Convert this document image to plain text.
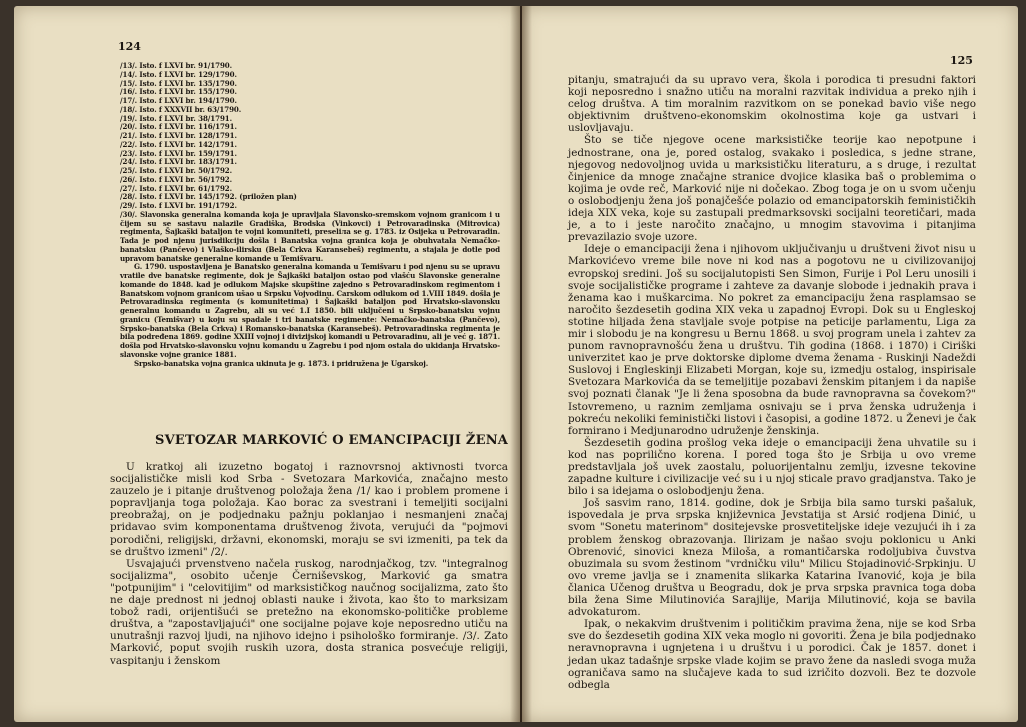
124
125
/13/. Isto. f LXVI br. 91/1790.
/14/. Isto. f LXVI br. 129/1790.
/15/. Isto. f LXVI br. 135/1790.
/16/. Isto. f LXVI br. 155/1790.
/17/. Isto. f LXVI br. 194/1790.
/18/. Isto. f XXXVII br. 63/1790.
/19/. Isto. f LXVI br. 38/1791.
/20/. Isto. f LXVI br. 116/1791.
/21/. Isto. f LXVI br. 128/1791.
/22/. Isto. f LXVI br. 142/1791.
/23/. Isto. f LXVI br. 159/1791.
/24/. Isto. f LXVI br. 183/1791.
/25/. Isto. f LXVI br. 50/1792.
/26/. Isto. f LXVI br. 56/1792.
/27/. Isto. f LXVI br. 61/1792.
/28/. Isto. f LXVI br. 145/1792. (priložen plan)
/29/. Isto. f LXVI br. 191/1792.

/30/. Slavonska generalna komanda koja je upravljala Slavonsko-sremskom vojnom granicom i u čijem su se sastavu nalazile Gradiška, Brodska (Vinkovci) i Petrovaradinska (Mitrovica) regimenta, Šajkaški bataljon te vojni komuniteti, preseliла se g. 1783. iz Osijeka u Petrovaradin. Tada je pod njenu jurisdikciju došla i Banatska vojna granica koja je obuhvatala Nemačko-banatsku (Pančevo) i Vlaško-ilirsku (Bela Crkva Karansebeš) regimentu, a stajala je dotle pod upravom banatske generalne komande u Temišvaru.

G. 1790. uspostavljena je Banatsko generalna komanda u Temišvaru i pod njenu su se upravu vratile dve banatske regimente, dok je Šajkaški bataljon ostao pod vlašću Slavonske generalne komande do 1848. kad je odlukom Majske skupštine zajedno s Petrovaradinskom regimentom i Banatskom vojnom granicom ušao u Srpsku Vojvodinu. Carskom odlukom od 1.VIII 1849. došla je Petrovaradinska regimenta (s komunitetima) i Šajkaški bataljon pod Hrvatsko-slavonsku generalnu komandu u Zagrebu, ali su već 1.I 1850. bili uključeni u Srpsko-banatsku vojnu granicu (Temišvar) u koju su spadale i tri banatske regimente: Nemačko-banatska (Pančevo), Srpsko-banatska (Bela Crkva) i Romansko-banatska (Karansebeš). Petrovaradinska regimenta je bila podređena 1869. godine XXIII vojnoj i divizijskoj komandi u Petrovaradinu, ali je već g. 1871. došla pod Hrvatsko-slavonsku vojnu komandu u Zagrebu i pod njom ostala do ukidanja Hrvatsko-slavonske vojne granice 1881.

Srpsko-banatska vojna granica ukinuta je g. 1873. i pridružena je Ugarskoj.

SVETOZAR MARKOVIĆ O EMANCIPACIJI ŽENA

U kratkoj ali izuzetno bogatoj i raznovrsnoj aktivnosti tvorca socijalističke misli kod Srba - Svetozara Markovića, značajno mesto zauzelo je i pitanje društvenog položaja žena /1/ kao i problem promene i popravljanja toga položaja. Kao borac za svestrani i temeljiti socijalni preobražaj, on je podjednaku pažnju poklanjao i nesmanjeni značaj pridavao svim komponentama društvenog života, verujući da "pojmovi porodični, religijski, državni, ekonomski, moraju se svi izmeniti, pa tek da se društvo izmeni" /2/.

Usvajajući prvenstveno načela ruskog, narodnjačkog, tzv. "integralnog socijalizma", osobito učenje Černiševskog, Marković ga smatra "potpunijim" i "celovitijim" od marksističkog naučnog socijalizma, zato što ne daje prednost ni jednoj oblasti nauke i života, kao što to marksizam tobož radi, orijentišući se pretežno na ekonomsko-političke probleme društva, a "zapostavljajući" one socijalne pojave koje neposredno utiču na unutrašnji razvoj ljudi, na njihovo idejno i psihološko formiranje. /3/. Zato Marković, poput svojih ruskih uzora, dosta stranica posvećuje religiji, vaspitanju i ženskom

pitanju, smatrajući da su upravo vera, škola i porodica ti presudni faktori koji neposredno i snažno utiču na moralni razvitak individua a preko njih i celog društva. A tim moralnim razvitkom on se ponekad bavio više nego objektivnim društveno-ekonomskim okolnostima koje ga ustvari i uslovljavaju.

Što se tiče njegove ocene marksističke teorije kao nepotpune i jednostrane, ona je, pored ostalog, svakako i posledica, s jedne strane, njegovog nedovoljnog uvida u marksističku literaturu, a s druge, i rezultat činjenice da mnoge značajne stranice dvojice klasika baš o problemima o kojima je ovde reč, Marković nije ni dočekao. Zbog toga je on u svom učenju o oslobodjenju žena još ponajčešće polazio od emancipatorskih feminističkih ideja XIX veka, koje su zastupali predmarksovski socijalni teoretičari, mada je, a to i jeste naročito značajno, u mnogim stavovima i pitanjima prevazilazio svoje uzore.

Ideje o emancipaciji žena i njihovom uključivanju u društveni život nisu u Markovićevo vreme bile nove ni kod nas a pogotovu ne u civilizovanijoj evropskoj sredini. Još su socijalutopisti Sen Simon, Furije i Pol Leru unosili i svoje socijalističke programe i zahteve za davanje slobode i jednakih prava i ženama kao i muškarcima. No pokret za emancipaciju žena rasplamsao se naročito šezdesetih godina XIX veka u zapadnoj Evropi. Dok su u Engleskoj stotine hiljada žena stavljale svoje potpise na peticije parlamentu, Liga za mir i slobodu je na kongresu u Bernu 1868. u svoj program unela i zahtev za punom ravnopravnošću žena u društvu. Tih godina (1868. i 1870) i Ciriški univerzitet kao je prve doktorske diplome dvema ženama - Ruskinji Nadeždi Suslovoj i Engleskinji Elizabeti Morgan, koje su, izmedju ostalog, inspirisale Svetozara Markovića da se temeljitije pozabavi ženskim pitanjem i da napiše svoj poznati članak "Je li žena sposobna da bude ravnopravna sa čovekom?" Istovremeno, u raznim zemljama osnivaju se i prva ženska udruženja i pokreću nekoliki feministički listovi i časopisi, a godine 1872. u Ženevi je čak formirano i Medjunarodno udruženje ženskinja.

Šezdesetih godina prošlog veka ideje o emancipaciji žena uhvatile su i kod nas popriličnо korena. I pored toga što je Srbija u ovo vreme predstavljala još uvek zaostalu, poluorijentalnu zemlju, izvesne tekovine zapadne kulture i civilizacije već su i u njoj sticale pravo gradjanstva. Tako je bilo i sa idejama o oslobodjenju žena.

Još sasvim rano, 1814. godine, dok je Srbija bila samo turski pašaluk, ispovedala je prva srpska književnica Jevstatija st Arsić rodjena Dinić, u svom "Sonetu materinom" dositejevske prosvetiteljske ideje vezujući ih i za problem ženskog obrazovanja. Ilirizam je našao svoju poklonicu u Anki Obrenović, sinovici kneza Miloša, a romantičarska rodoljubiva čuvstva obuzimala su svom žestinom "vrdničku vilu" Milicu Stojadinović-Srpkinju. U ovo vreme javlja se i znamenita slikarka Katarina Ivanović, koja je bila članica Učenog društva u Beogradu, dok je prva srpska pravnica toga doba bila žena Sime Milutinovića Sarajlije, Marija Milutinović, koja se bavila advokaturom.

Ipak, o nekakvim društvenim i političkim pravima žena, nije se kod Srba sve do šezdesetih godina XIX veka moglo ni govoriti. Žena je bila podjednako neravnopravna i ugnjetena i u društvu i u porodici. Čak je 1857. donet i jedan ukaz tadašnje srpske vlade kojim se pravo žene da nasledi svoga muža ograničava samo na slučajeve kada to sud izričito dozvoli. Bez te dozvole odbegla
